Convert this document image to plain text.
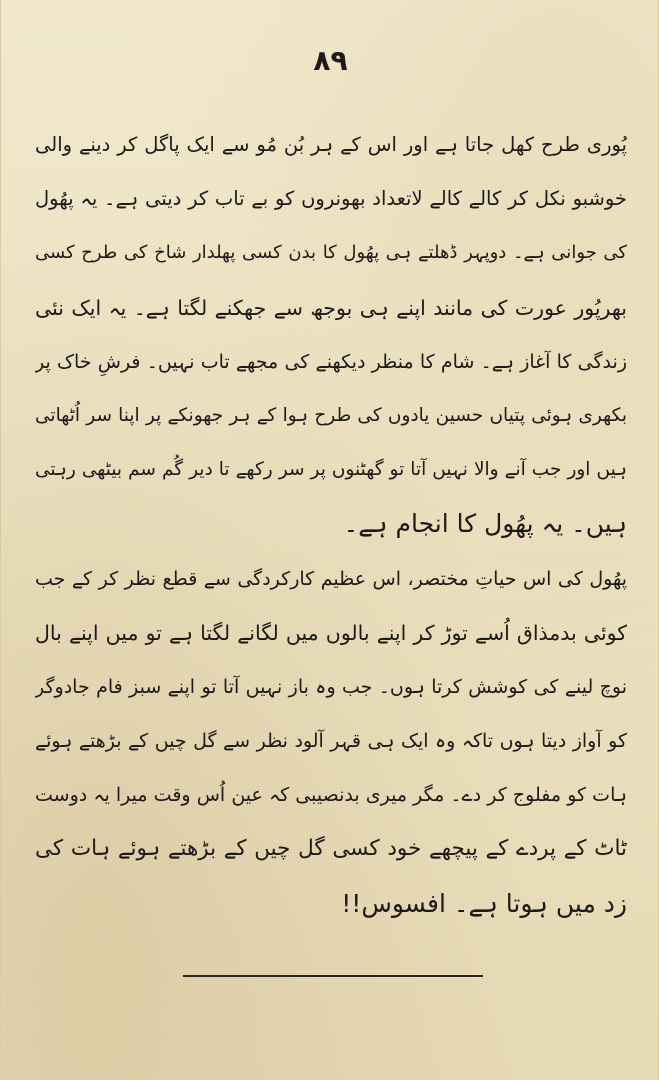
۸۹
پُوری طرح کھل جاتا ہے اور اس کے ہر بُن مُو سے ایک پاگل کر دینے والی
خوشبو نکل کر کالے کالے لاتعداد بھونروں کو بے تاب کر دیتی ہے۔ یہ پھُول
کی جوانی ہے۔ دوپہر ڈھلتے ہی پھُول کا بدن کسی پھلدار شاخ کی طرح کسی
بھرپُور عورت کی مانند اپنے ہی بوجھ سے جھکنے لگتا ہے۔ یہ ایک نئی
زندگی کا آغاز ہے۔ شام کا منظر دیکھنے کی مجھے تاب نہیں۔ فرشِ خاک پر
بکھری ہوئی پتیاں حسین یادوں کی طرح ہوا کے ہر جھونکے پر اپنا سر اُٹھاتی
ہیں اور جب آنے والا نہیں آتا تو گھٹنوں پر سر رکھے تا دیر گُم سم بیٹھی رہتی
ہیں۔ یہ پھُول کا انجام ہے۔
پھُول کی اس حیاتِ مختصر، اس عظیم کارکردگی سے قطع نظر کر کے جب
کوئی بدمذاق اُسے توڑ کر اپنے بالوں میں لگانے لگتا ہے تو میں اپنے بال
نوچ لینے کی کوشش کرتا ہوں۔ جب وہ باز نہیں آتا تو اپنے سبز فام جادوگر
کو آواز دیتا ہوں تاکہ وہ ایک ہی قہر آلود نظر سے گل چیں کے بڑھتے ہوئے
ہات کو مفلوج کر دے۔ مگر میری بدنصیبی کہ عین اُس وقت میرا یہ دوست
ٹاٹ کے پردے کے پیچھے خود کسی گل چیں کے بڑھتے ہوئے ہات کی
زد میں ہوتا ہے۔ افسوس!!
